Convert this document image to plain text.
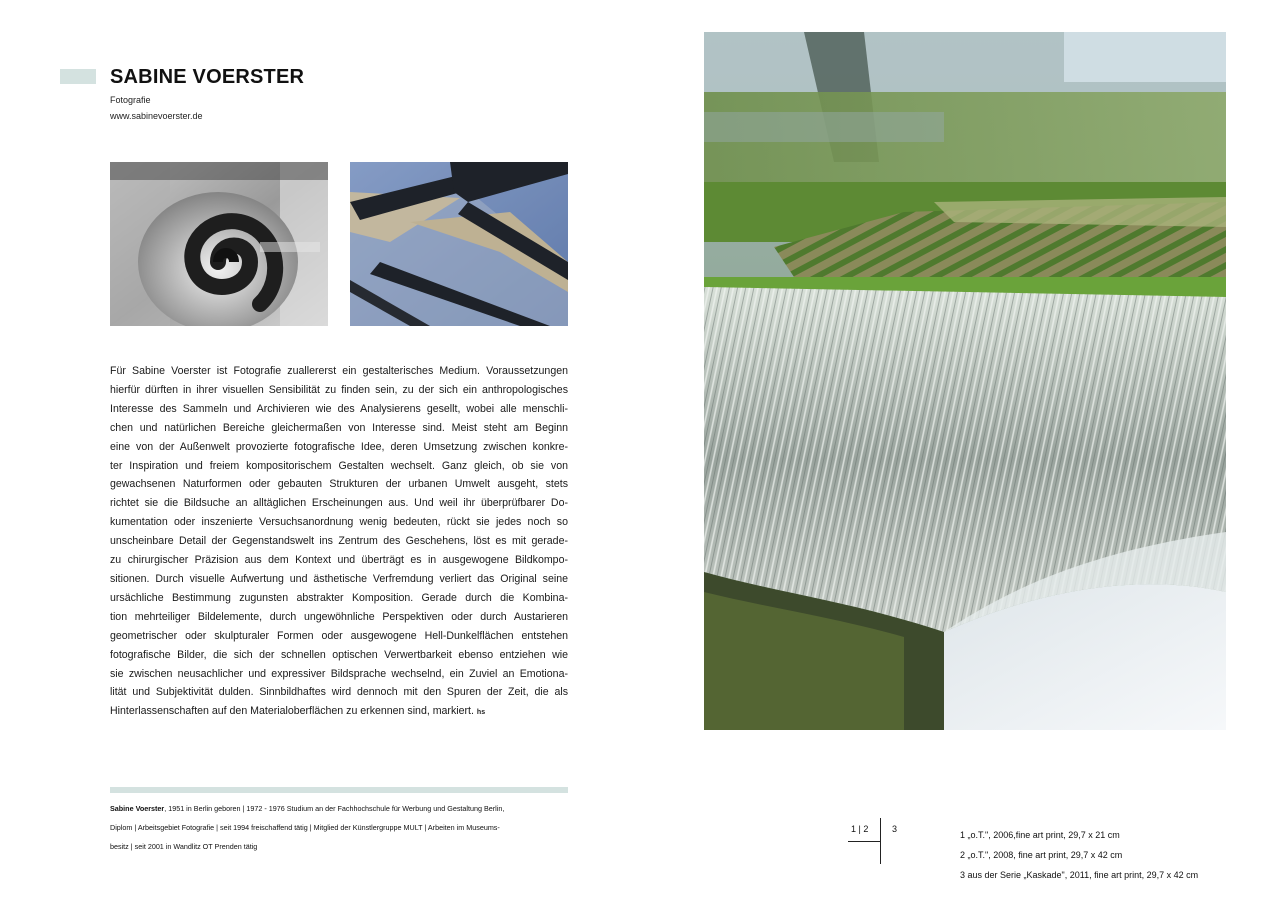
SABINE VOERSTER
Fotografie
www.sabinevoerster.de
Für Sabine Voerster ist Fotografie zuallererst ein gestalterisches Medium. Voraussetzungen
hierfür dürften in ihrer visuellen Sensibilität zu finden sein, zu der sich ein anthropologisches
Interesse des Sammeln und Archivieren wie des Analysierens gesellt, wobei alle menschli-
chen und natürlichen Bereiche gleichermaßen von Interesse sind. Meist steht am Beginn
eine von der Außenwelt provozierte fotografische Idee, deren Umsetzung zwischen konkre-
ter Inspiration und freiem kompositorischem Gestalten wechselt. Ganz gleich, ob sie von
gewachsenen Naturformen oder gebauten Strukturen der urbanen Umwelt ausgeht, stets
richtet sie die Bildsuche an alltäglichen Erscheinungen aus. Und weil ihr überprüfbarer Do-
kumentation oder inszenierte Versuchsanordnung wenig bedeuten, rückt sie jedes noch so
unscheinbare Detail der Gegenstandswelt ins Zentrum des Geschehens, löst es mit gerade-
zu chirurgischer Präzision aus dem Kontext und überträgt es in ausgewogene Bildkompo-
sitionen. Durch visuelle Aufwertung und ästhetische Verfremdung verliert das Original seine
ursächliche Bestimmung zugunsten abstrakter Komposition. Gerade durch die Kombina-
tion mehrteiliger Bildelemente, durch ungewöhnliche Perspektiven oder durch Austarieren
geometrischer oder skulpturaler Formen oder ausgewogene Hell-Dunkelflächen entstehen
fotografische Bilder, die sich der schnellen optischen Verwertbarkeit ebenso entziehen wie
sie zwischen neusachlicher und expressiver Bildsprache wechselnd, ein Zuviel an Emotiona-
lität und Subjektivität dulden. Sinnbildhaftes wird dennoch mit den Spuren der Zeit, die als
Hinterlassenschaften auf den Materialoberflächen zu erkennen sind, markiert. hs
Sabine Voerster, 1951 in Berlin geboren | 1972 - 1976 Studium an der Fachhochschule für Werbung und Gestaltung Berlin,
Diplom | Arbeitsgebiet Fotografie | seit 1994 freischaffend tätig | Mitglied der Künstlergruppe MULT | Arbeiten im Museums-
besitz | seit 2001 in Wandlitz OT Prenden tätig
1 | 2	3
1 „o.T.", 2006,fine art print, 29,7 x 21 cm
2 „o.T.", 2008, fine art print, 29,7 x 42 cm
3 aus der Serie „Kaskade", 2011, fine art print, 29,7 x 42 cm
